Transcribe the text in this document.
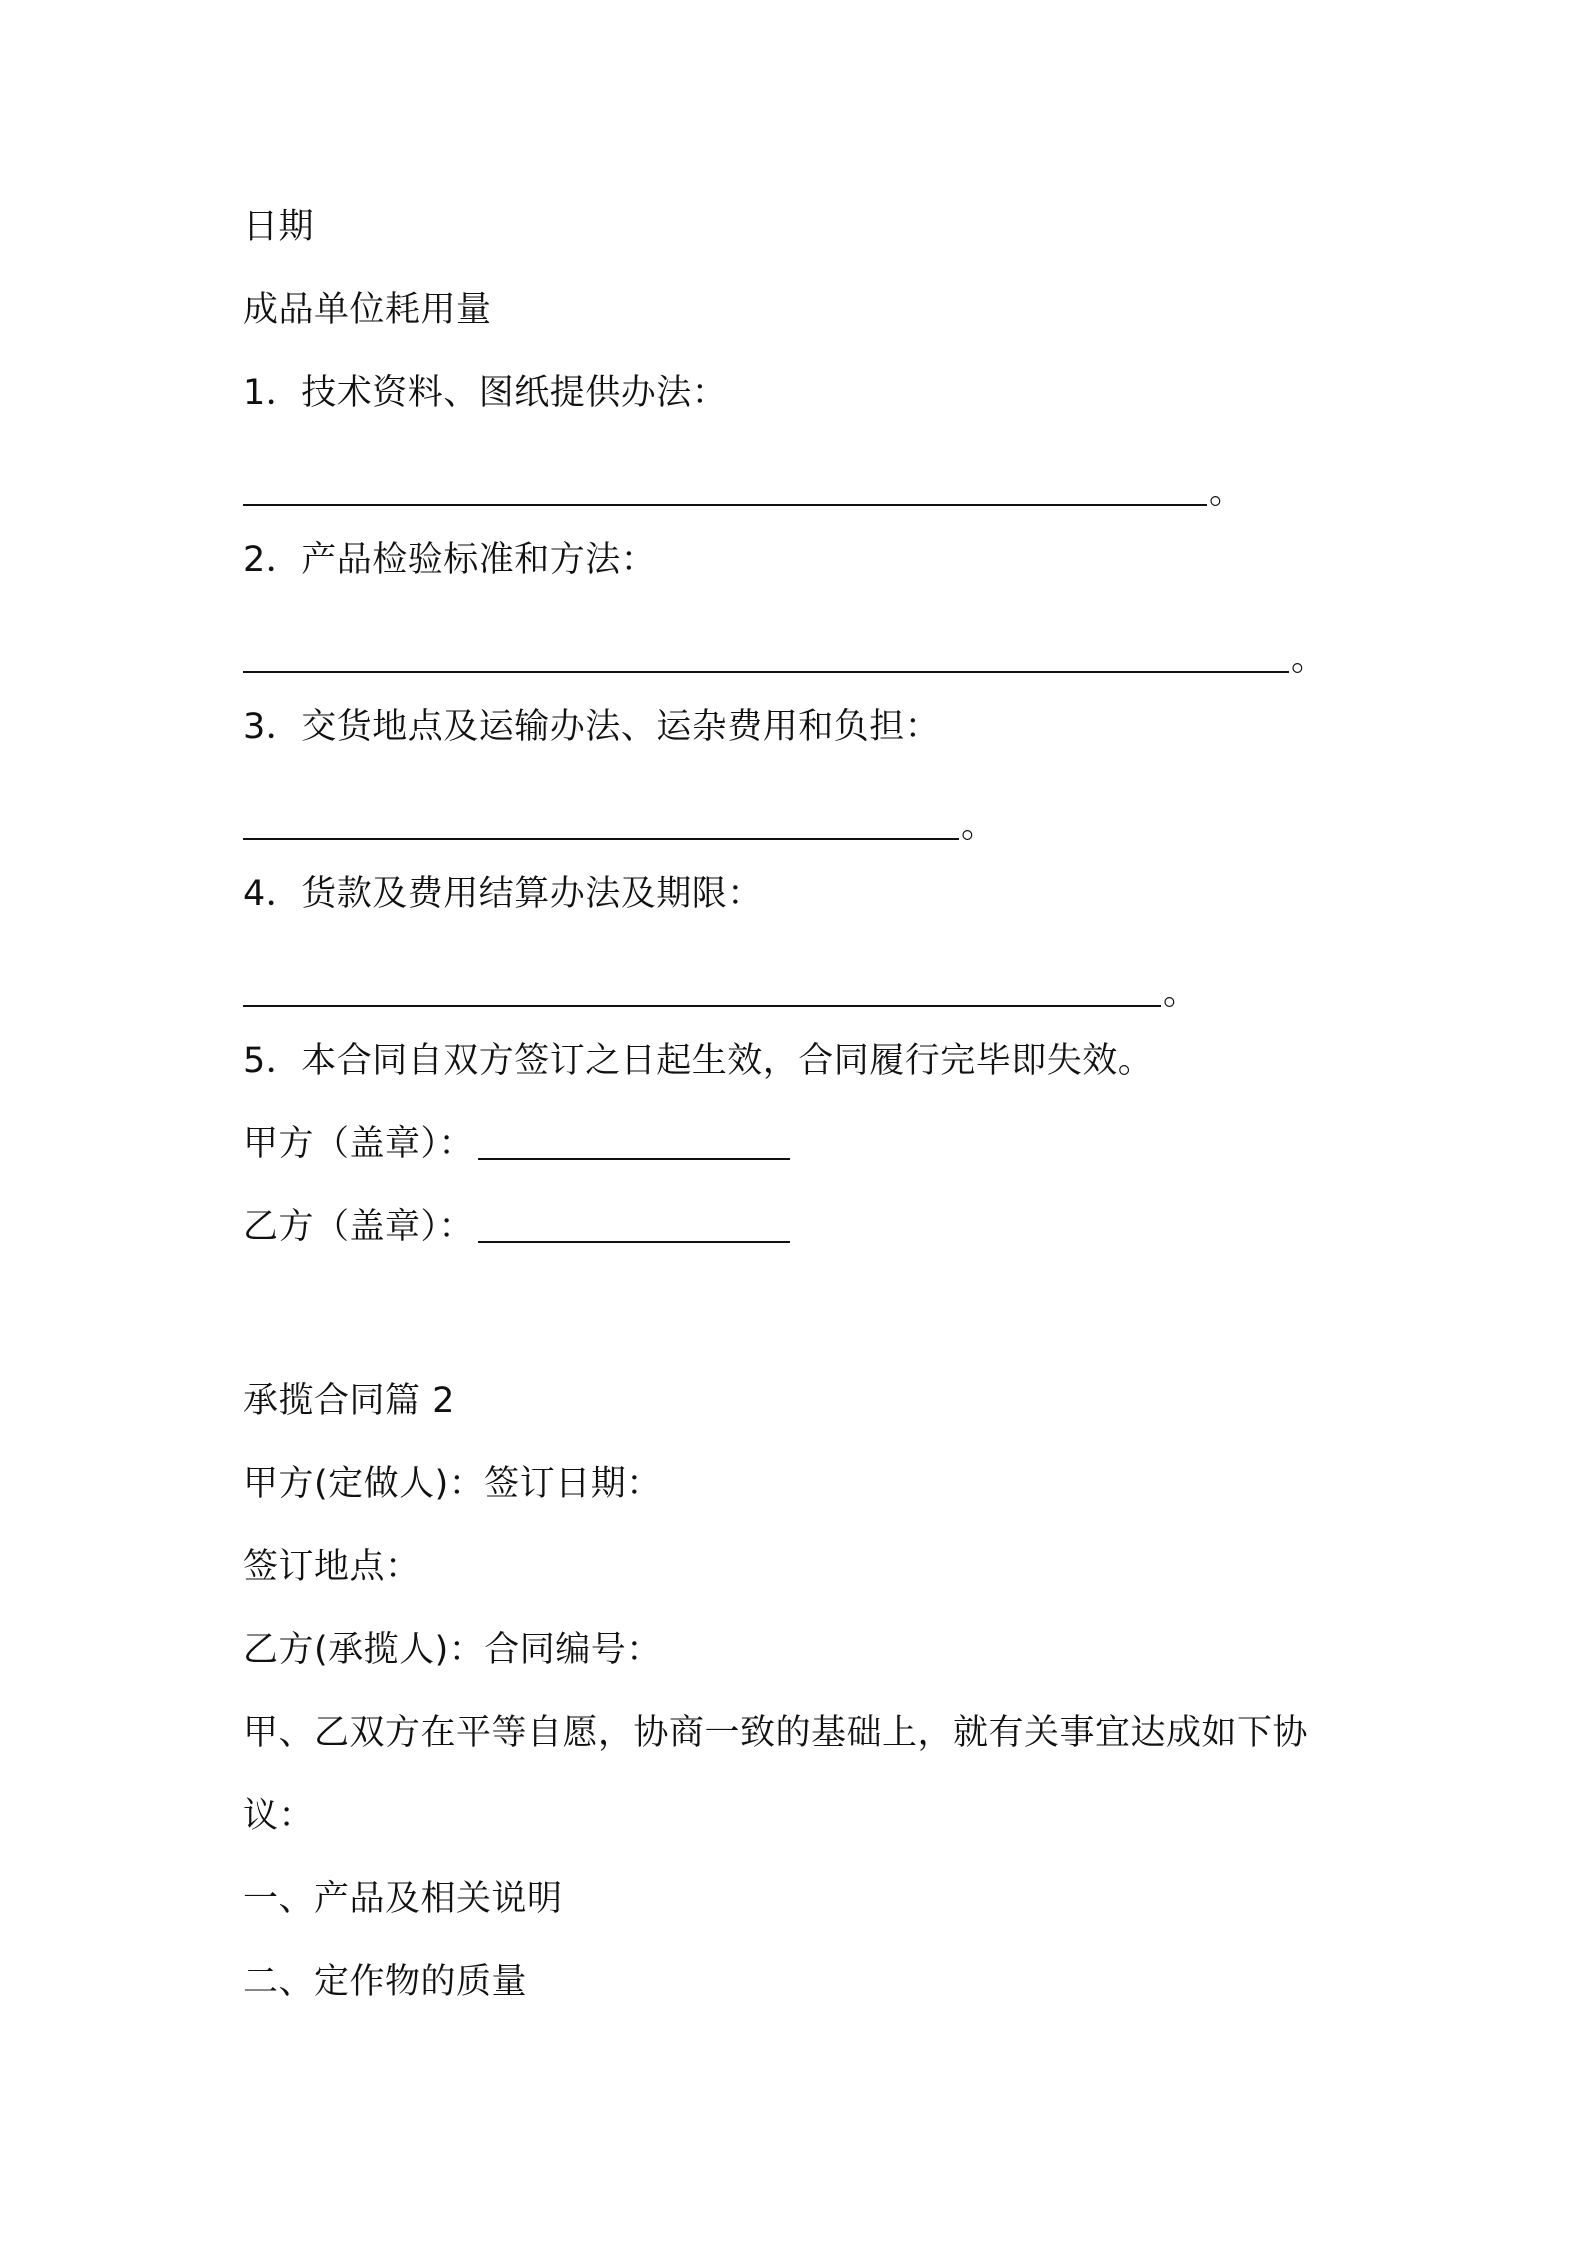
日期
成品单位耗用量
1．技术资料、图纸提供办法：
。
2．产品检验标准和方法：
。
3．交货地点及运输办法、运杂费用和负担：
。
4．货款及费用结算办法及期限：
。
5．本合同自双方签订之日起生效，合同履行完毕即失效。
甲方（盖章）：
乙方（盖章）：
承揽合同篇 2
甲方(定做人)：签订日期：
签订地点：
乙方(承揽人)：合同编号：
甲、乙双方在平等自愿，协商一致的基础上，就有关事宜达成如下协
议：
一、产品及相关说明
二、定作物的质量
